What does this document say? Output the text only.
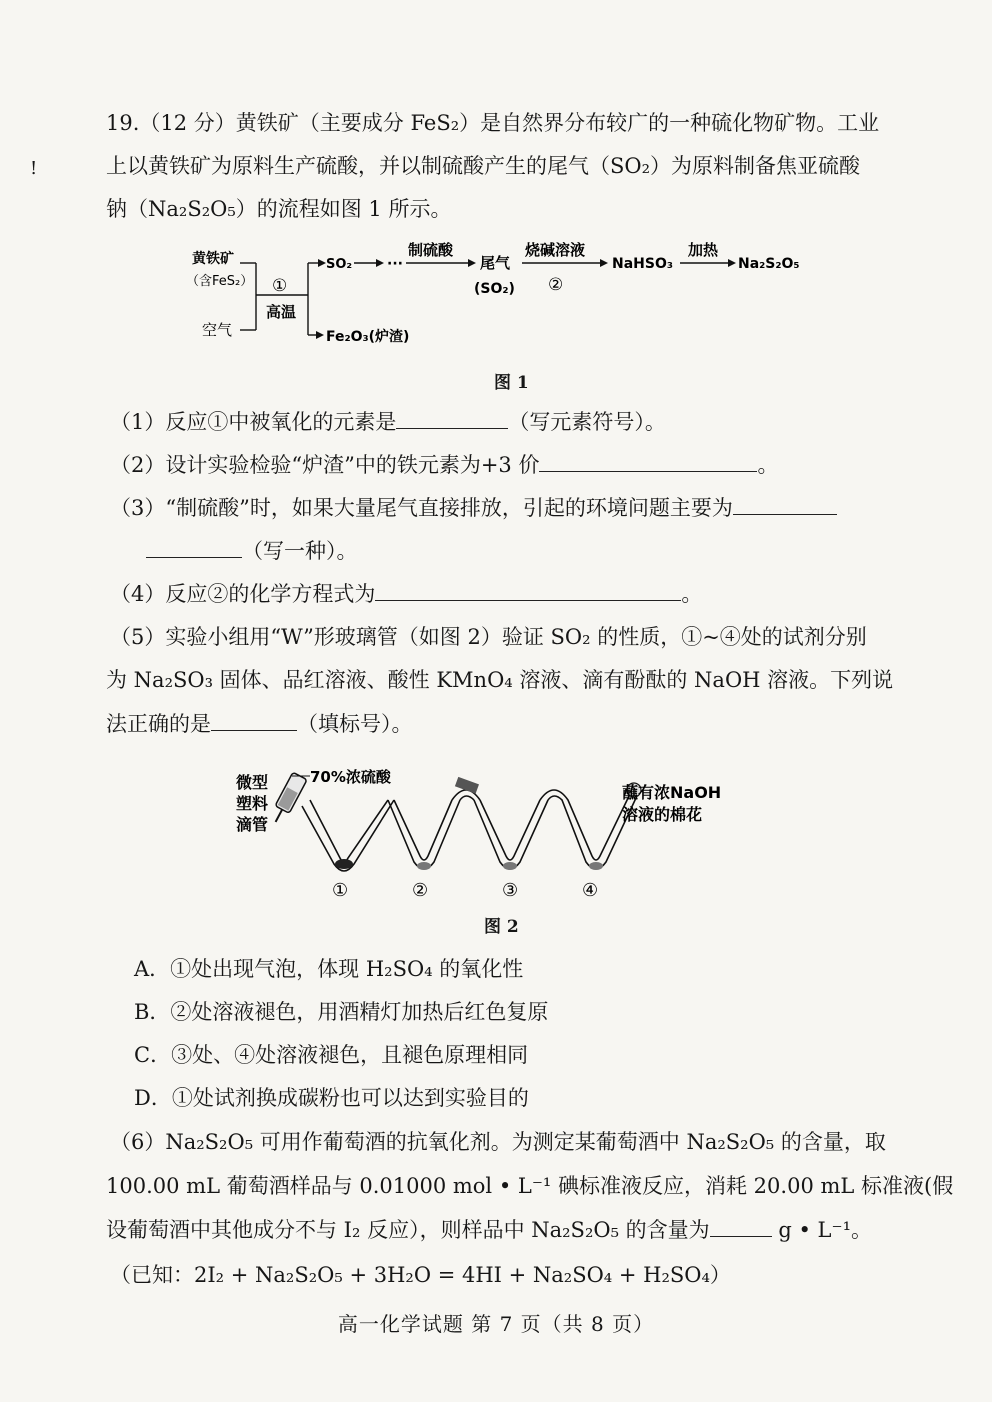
!
19.（12 分）黄铁矿（主要成分 FeS₂）是自然界分布较广的一种硫化物矿物。工业
上以黄铁矿为原料生产硫酸，并以制硫酸产生的尾气（SO₂）为原料制备焦亚硫酸
钠（Na₂S₂O₅）的流程如图 1 所示。
黄铁矿
（含FeS₂）
空气
①
高温
SO₂ ···
制硫酸
尾气
(SO₂)
烧碱溶液
②
NaHSO₃
加热
Na₂S₂O₅
Fe₂O₃(炉渣)
图 1
（1）反应①中被氧化的元素是	（写元素符号）。
（2）设计实验检验“炉渣”中的铁元素为+3 价	。
（3）“制硫酸”时，如果大量尾气直接排放，引起的环境问题主要为
（写一种）。
（4）反应②的化学方程式为	。
（5）实验小组用“W”形玻璃管（如图 2）验证 SO₂ 的性质，①~④处的试剂分别
为 Na₂SO₃ 固体、品红溶液、酸性 KMnO₄ 溶液、滴有酚酞的 NaOH 溶液。下列说
法正确的是	（填标号）。
微型
塑料
滴管
70%浓硫酸
蘸有浓NaOH
溶液的棉花
①	②	③	④
图 2
A．①处出现气泡，体现 H₂SO₄ 的氧化性
B．②处溶液褪色，用酒精灯加热后红色复原
C．③处、④处溶液褪色，且褪色原理相同
D．①处试剂换成碳粉也可以达到实验目的
（6）Na₂S₂O₅ 可用作葡萄酒的抗氧化剂。为测定某葡萄酒中 Na₂S₂O₅ 的含量，取
100.00 mL 葡萄酒样品与 0.01000 mol • L⁻¹ 碘标准液反应，消耗 20.00 mL 标准液(假
设葡萄酒中其他成分不与 I₂ 反应），则样品中 Na₂S₂O₅ 的含量为	g • L⁻¹。
（已知：2I₂ + Na₂S₂O₅ + 3H₂O = 4HI + Na₂SO₄ + H₂SO₄）
高一化学试题 第 7 页（共 8 页）
